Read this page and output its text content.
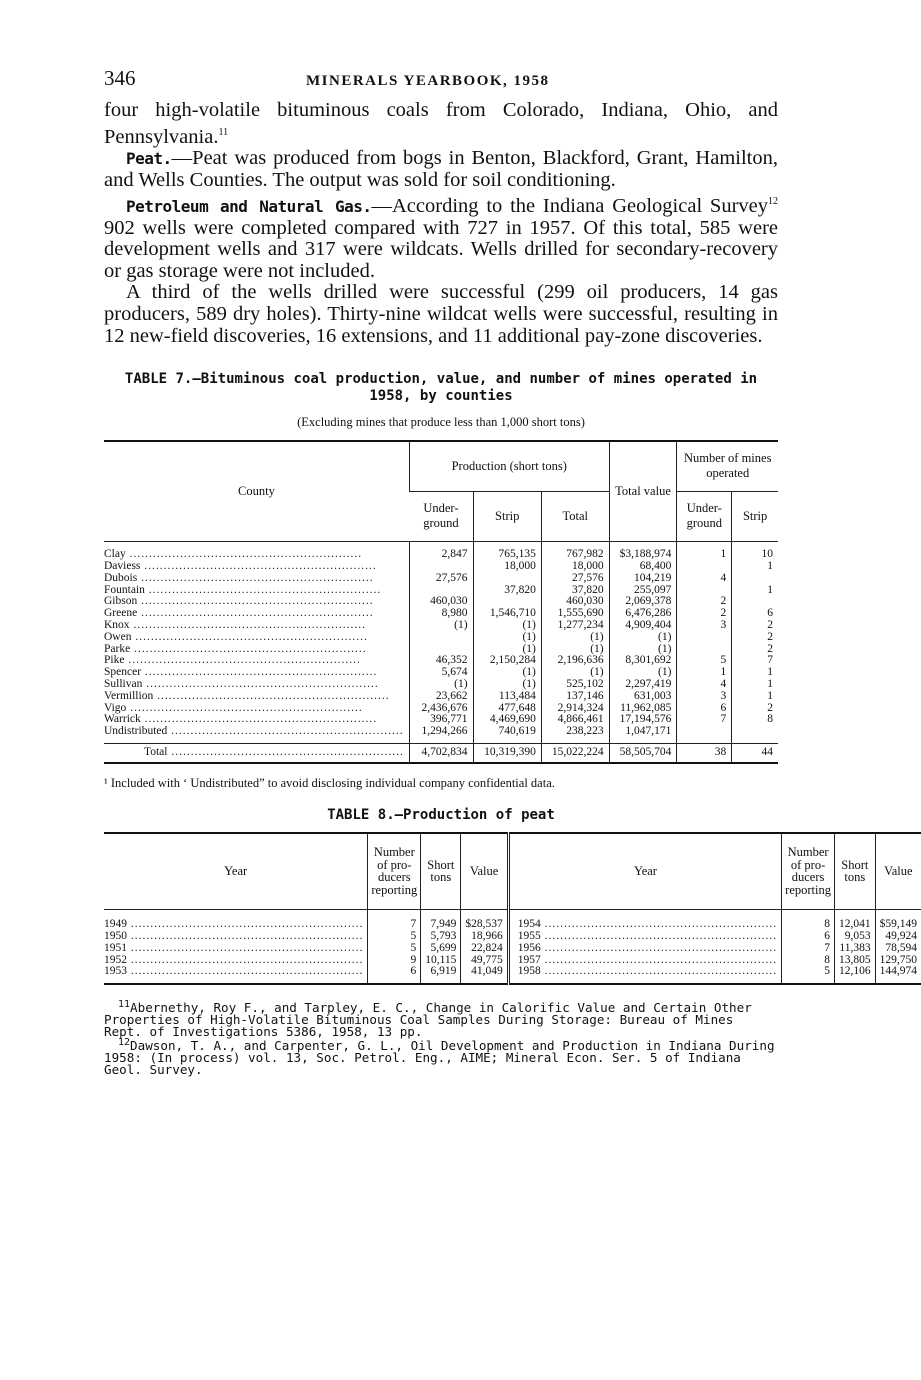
346	MINERALS YEARBOOK, 1958

four high-volatile bituminous coals from Colorado, Indiana, Ohio, and Pennsylvania.$^{11}$

Peat.—Peat was produced from bogs in Benton, Blackford, Grant, Hamilton, and Wells Counties. The output was sold for soil conditioning.

Petroleum and Natural Gas.—According to the Indiana Geological Survey$^{12}$ 902 wells were completed compared with 727 in 1957. Of this total, 585 were development wells and 317 were wildcats. Wells drilled for secondary-recovery or gas storage were not included.

A third of the wells drilled were successful (299 oil producers, 14 gas producers, 589 dry holes). Thirty-nine wildcat wells were successful, resulting in 12 new-field discoveries, 16 extensions, and 11 additional pay-zone discoveries.

TABLE 7.—Bituminous coal production, value, and number of mines operated in
1958, by counties
(Excluding mines that produce less than 1,000 short tons)
County	Production (short tons)			Total value	Number of mines operated	
	Under-ground	Strip	Total		Under-ground	Strip

Clay .....	2,847	765,135	767,982	$3,188,974	1	10
Daviess .....		18,000	18,000	68,400		1
Dubois .....	27,576		27,576	104,219	4	
Fountain .....		37,820	37,820	255,097		1
Gibson .....	460,030		460,030	2,069,378	2	
Greene .....	8,980	1,546,710	1,555,690	6,476,286	2	6
Knox .....	(1)	(1)	1,277,234	4,909,404	3	2
Owen .....		(1)	(1)	(1)		2
Parke .....		(1)	(1)	(1)		2
Pike .....	46,352	2,150,284	2,196,636	8,301,692	5	7
Spencer .....	5,674	(1)	(1)	(1)	1	1
Sullivan .....	(1)	(1)	525,102	2,297,419	4	1
Vermillion .....	23,662	113,484	137,146	631,003	3	1
Vigo .....	2,436,676	477,648	2,914,324	11,962,085	6	2
Warrick .....	396,771	4,469,690	4,866,461	17,194,576	7	8
Undistributed .....	1,294,266	740,619	238,223	1,047,171		

Total .....	4,702,834	10,319,390	15,022,224	58,505,704	38	44
¹ Included with ‘ Undistributed” to avoid disclosing individual company confidential data.
TABLE 8.—Production of peat
Year	Number of pro-ducers reporting	Short tons	Value	Year	Number of pro-ducers reporting	Short tons	Value

1949 .....	7	7,949	$28,537	1954 .....	8	12,041	$59,149
1950 .....	5	5,793	18,966	1955 .....	6	9,053	49,924
1951 .....	5	5,699	22,824	1956 .....	7	11,383	78,594
1952 .....	9	10,115	49,775	1957 .....	8	13,805	129,750
1953 .....	6	6,919	41,049	1958 .....	5	12,106	144,974

$^{11}$Abernethy, Roy F., and Tarpley, E. C., Change in Calorific Value and Certain Other Properties of High-Volatile Bituminous Coal Samples During Storage: Bureau of Mines Rept. of Investigations 5386, 1958, 13 pp.

$^{12}$Dawson, T. A., and Carpenter, G. L., Oil Development and Production in Indiana During 1958: (In process) vol. 13, Soc. Petrol. Eng., AIME; Mineral Econ. Ser. 5 of Indiana Geol. Survey.
